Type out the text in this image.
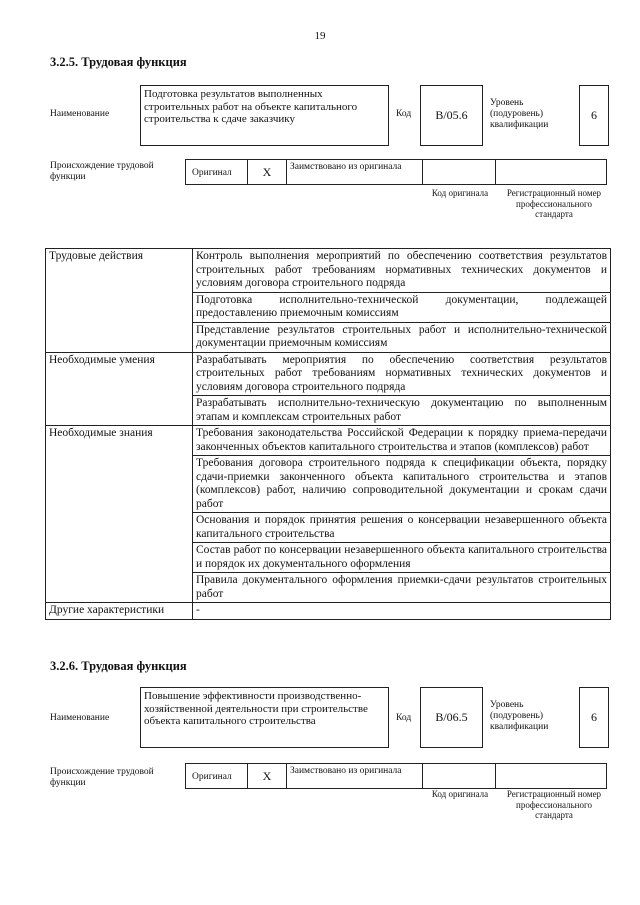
19
3.2.5. Трудовая функция
Наименование
Подготовка результатов выполненных строительных работ на объекте капитального строительства к сдаче заказчику	Код	B/05.6
Уровень (подуровень) квалификации
6
Происхождение трудовой функции	Оригинал	X	Заимствовано из оригинала
Код оригинала	Регистрационный номер профессионального стандарта
Трудовые действия	Контроль выполнения мероприятий по обеспечению соответствия результатов строительных работ требованиям нормативных технических документов и условиям договора строительного подряда
	Подготовка исполнительно-технической документации, подлежащей предоставлению приемочным комиссиям
	Представление результатов строительных работ и исполнительно-технической документации приемочным комиссиям
Необходимые умения	Разрабатывать мероприятия по обеспечению соответствия результатов строительных работ требованиям нормативных технических документов и условиям договора строительного подряда
	Разрабатывать исполнительно-техническую документацию по выполненным этапам и комплексам строительных работ
Необходимые знания	Требования законодательства Российской Федерации к порядку приема-передачи законченных объектов капитального строительства и этапов (комплексов) работ
	Требования договора строительного подряда к спецификации объекта, порядку сдачи-приемки законченного объекта капитального строительства и этапов (комплексов) работ, наличию сопроводительной документации и срокам сдачи работ
	Основания и порядок принятия решения о консервации незавершенного объекта капитального строительства
	Состав работ по консервации незавершенного объекта капитального строительства и порядок их документального оформления
	Правила документального оформления приемки-сдачи результатов строительных работ
Другие характеристики	-
3.2.6. Трудовая функция
Наименование
Повышение эффективности производственно-хозяйственной деятельности при строительстве объекта капитального строительства	Код	B/06.5
Уровень (подуровень) квалификации
6
Происхождение трудовой функции
Оригинал	X	Заимствовано из оригинала
Код оригинала	Регистрационный номер профессионального стандарта
